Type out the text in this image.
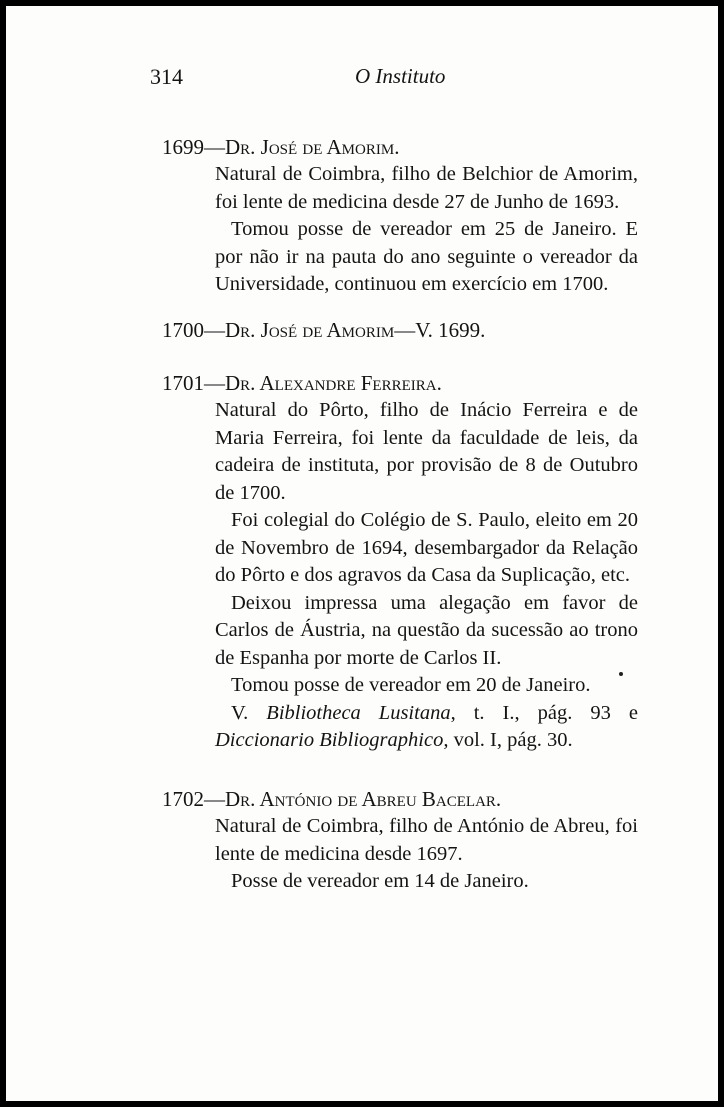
314	O Instituto
1699—Dr. José de Amorim.

Natural de Coimbra, filho de Belchior de Amorim, foi lente de medicina desde 27 de Junho de 1693.

Tomou posse de vereador em 25 de Janeiro. E por não ir na pauta do ano seguinte o vereador da Universidade, continuou em exercício em 1700.

1700—Dr. José de Amorim—V. 1699.
1701—Dr. Alexandre Ferreira.

Natural do Pôrto, filho de Inácio Ferreira e de Maria Ferreira, foi lente da faculdade de leis, da cadeira de instituta, por provisão de 8 de Outubro de 1700.

Foi colegial do Colégio de S. Paulo, eleito em 20 de Novembro de 1694, desembargador da Relação do Pôrto e dos agravos da Casa da Suplicação, etc.

Deixou impressa uma alegação em favor de Carlos de Áustria, na questão da sucessão ao trono de Espanha por morte de Carlos II.

Tomou posse de vereador em 20 de Janeiro.

V. Bibliotheca Lusitana, t. I., pág. 93 e Diccionario Bibliographico, vol. I, pág. 30.

1702—Dr. António de Abreu Bacelar.

Natural de Coimbra, filho de António de Abreu, foi lente de medicina desde 1697.

Posse de vereador em 14 de Janeiro.
